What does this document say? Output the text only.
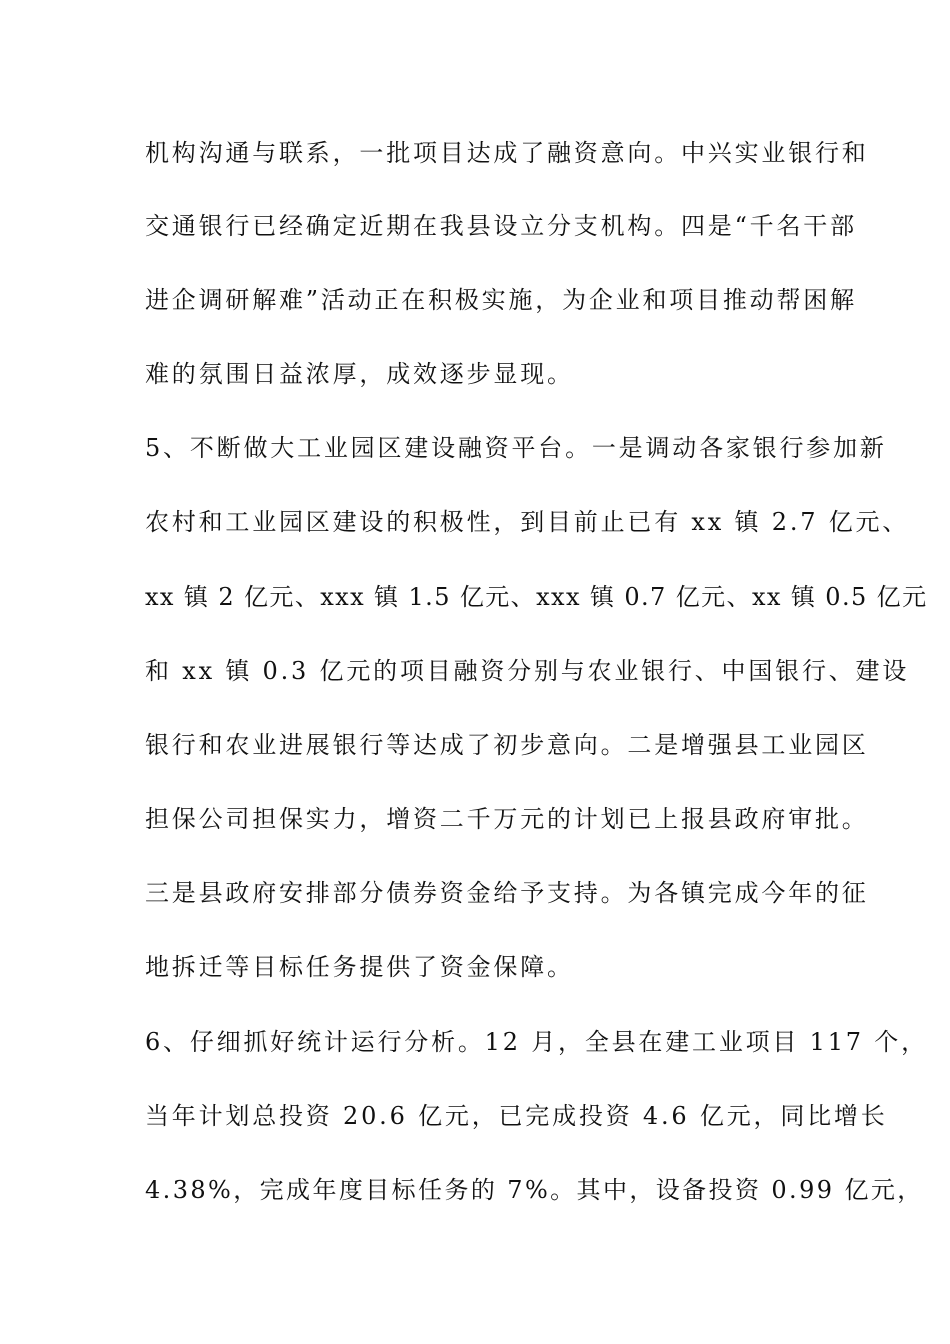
机构沟通与联系，一批项目达成了融资意向。中兴实业银行和

交通银行已经确定近期在我县设立分支机构。四是“千名干部

进企调研解难”活动正在积极实施，为企业和项目推动帮困解

难的氛围日益浓厚，成效逐步显现。

5、不断做大工业园区建设融资平台。一是调动各家银行参加新

农村和工业园区建设的积极性，到目前止已有 xx 镇 2.7 亿元、

xx 镇 2 亿元、xxx 镇 1.5 亿元、xxx 镇 0.7 亿元、xx 镇 0.5 亿元

和 xx 镇 0.3 亿元的项目融资分别与农业银行、中国银行、建设

银行和农业进展银行等达成了初步意向。二是增强县工业园区

担保公司担保实力，增资二千万元的计划已上报县政府审批。

三是县政府安排部分债券资金给予支持。为各镇完成今年的征

地拆迁等目标任务提供了资金保障。

6、仔细抓好统计运行分析。12 月，全县在建工业项目 117 个，

当年计划总投资 20.6 亿元，已完成投资 4.6 亿元，同比增长

4.38%，完成年度目标任务的 7%。其中，设备投资 0.99 亿元，
